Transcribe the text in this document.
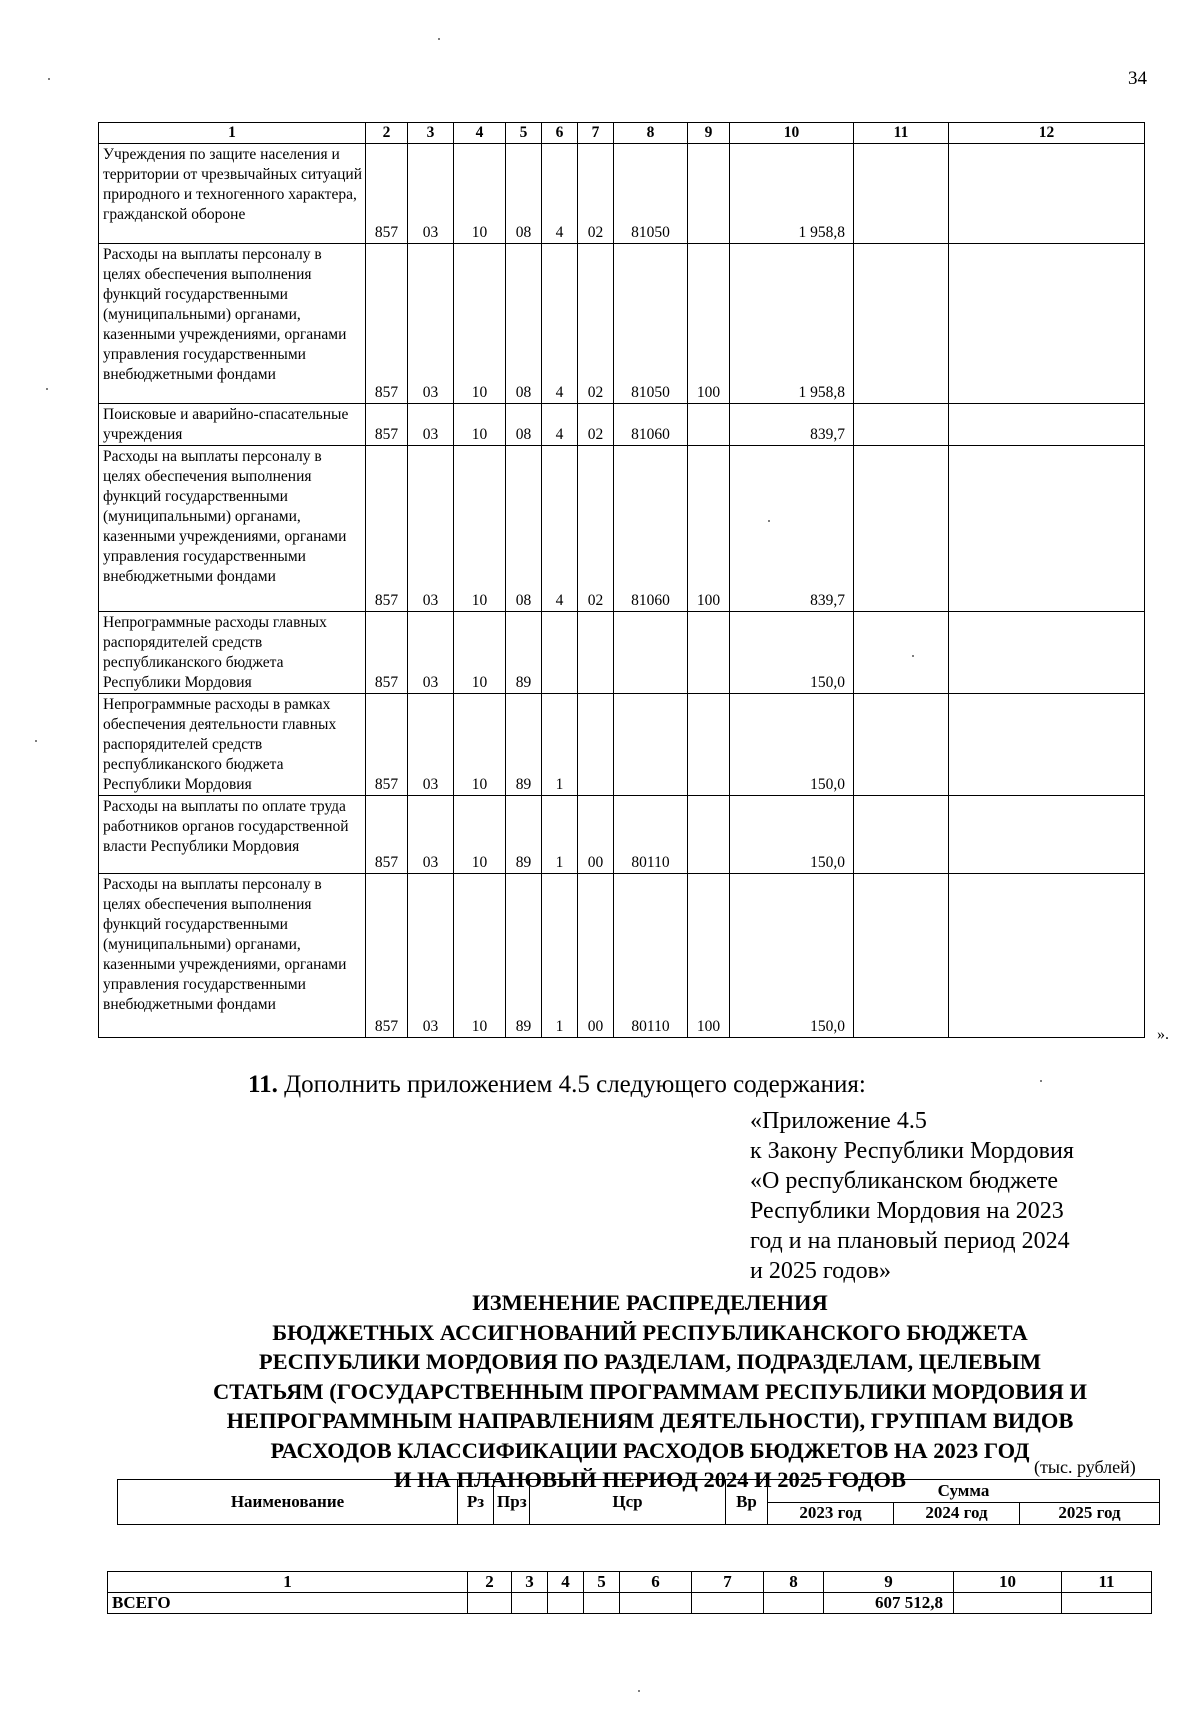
34
1	2	3	4	5	6	7	8	9	10	11	12
Учреждения по защите населения и территории от чрезвычайных ситуаций природного и техногенного характера, гражданской обороне	857	03	10	08	4	02	81050		1 958,8		
Расходы на выплаты персоналу в целях обеспечения выполнения функций государственными (муниципальными) органами, казенными учреждениями, органами управления государственными внебюджетными фондами	857	03	10	08	4	02	81050	100	1 958,8		
Поисковые и аварийно-спасательные учреждения	857	03	10	08	4	02	81060		839,7		
Расходы на выплаты персоналу в целях обеспечения выполнения функций государственными (муниципальными) органами, казенными учреждениями, органами управления государственными внебюджетными фондами	857	03	10	08	4	02	81060	100	839,7		
Непрограммные расходы главных распорядителей средств республиканского бюджета Республики Мордовия	857	03	10	89					150,0		
Непрограммные расходы в рамках обеспечения деятельности главных распорядителей средств республиканского бюджета Республики Мордовия	857	03	10	89	1				150,0		
Расходы на выплаты по оплате труда работников органов государственной власти Республики Мордовия	857	03	10	89	1	00	80110		150,0		
Расходы на выплаты персоналу в целях обеспечения выполнения функций государственными (муниципальными) органами, казенными учреждениями, органами управления государственными внебюджетными фондами	857	03	10	89	1	00	80110	100	150,0			».
11. Дополнить приложением 4.5 следующего содержания:
«Приложение 4.5
к Закону Республики Мордовия
«О республиканском бюджете
Республики Мордовия на 2023
год и на плановый период 2024
и 2025 годов»
ИЗМЕНЕНИЕ РАСПРЕДЕЛЕНИЯ
БЮДЖЕТНЫХ АССИГНОВАНИЙ РЕСПУБЛИКАНСКОГО БЮДЖЕТА
РЕСПУБЛИКИ МОРДОВИЯ ПО РАЗДЕЛАМ, ПОДРАЗДЕЛАМ, ЦЕЛЕВЫМ
СТАТЬЯМ (ГОСУДАРСТВЕННЫМ ПРОГРАММАМ РЕСПУБЛИКИ МОРДОВИЯ И
НЕПРОГРАММНЫМ НАПРАВЛЕНИЯМ ДЕЯТЕЛЬНОСТИ), ГРУППАМ ВИДОВ
РАСХОДОВ КЛАССИФИКАЦИИ РАСХОДОВ БЮДЖЕТОВ НА 2023 ГОД
И НА ПЛАНОВЫЙ ПЕРИОД 2024 И 2025 ГОДОВ	(тыс. рублей)
Наименование	Рз	Прз	Цср	Вр	Сумма		
					2023 год	2024 год	2025 год
1	2	3	4	5	6	7	8	9	10	11
ВСЕГО								607 512,8		
